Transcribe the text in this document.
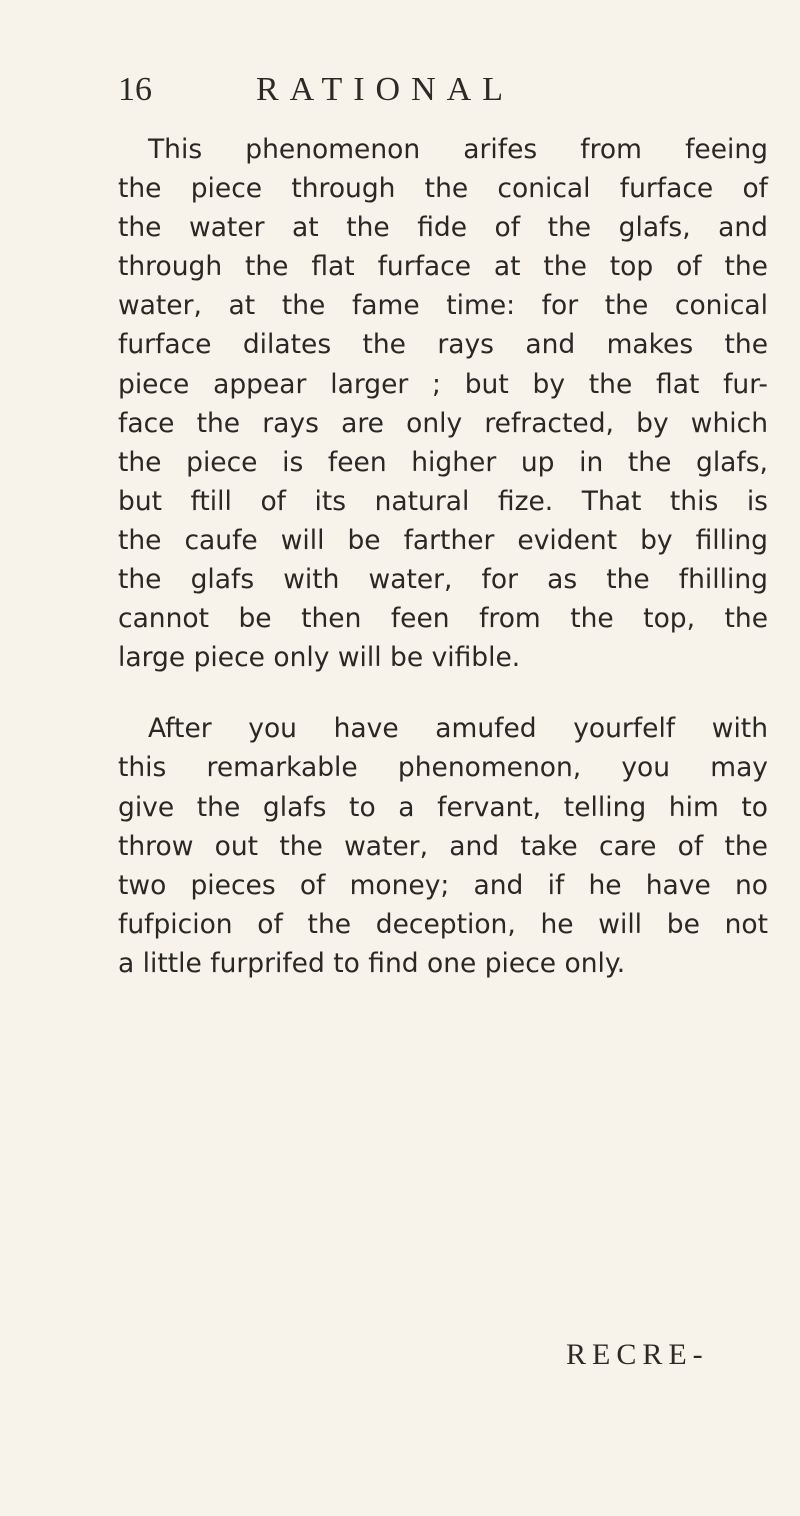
16	RATIONAL
This phenomenon arifes from feeing
the piece through the conical furface of
the water at the fide of the glafs, and
through the flat furface at the top of the
water, at the fame time: for the conical
furface dilates the rays and makes the
piece appear larger ; but by the flat fur-
face the rays are only refracted, by which
the piece is feen higher up in the glafs,
but ftill of its natural fize. That this is
the caufe will be farther evident by filling
the glafs with water, for as the fhilling
cannot be then feen from the top, the
large piece only will be vifible.
After you have amufed yourfelf with
this remarkable phenomenon, you may
give the glafs to a fervant, telling him to
throw out the water, and take care of the
two pieces of money; and if he have no
fufpicion of the deception, he will be not
a little furprifed to find one piece only.
RECRE-
